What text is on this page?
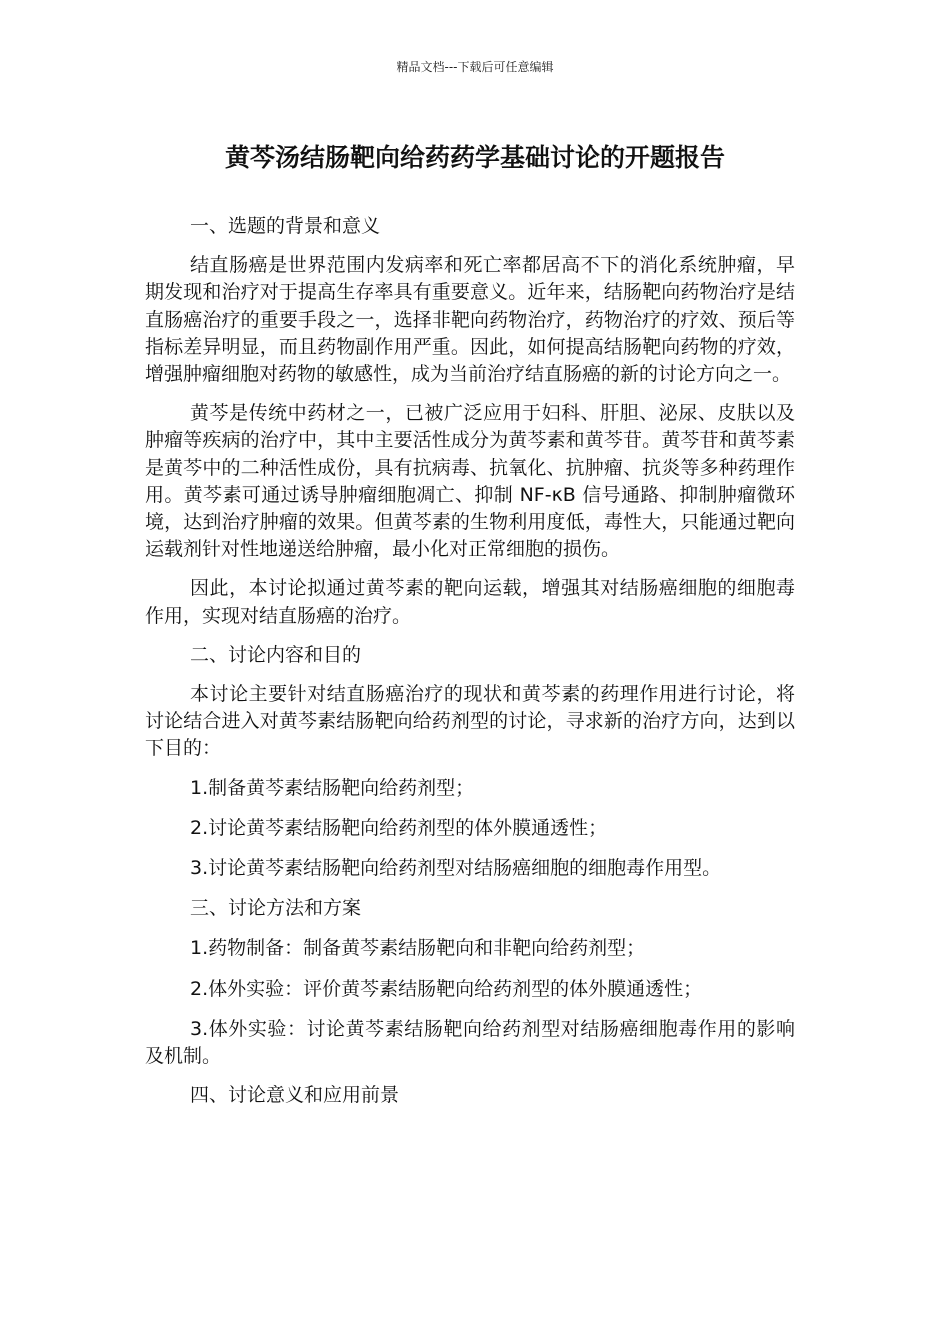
精品文档---下载后可任意编辑
黄芩汤结肠靶向给药药学基础讨论的开题报告

一、选题的背景和意义

结直肠癌是世界范围内发病率和死亡率都居高不下的消化系统肿瘤，早期发现和治疗对于提高生存率具有重要意义。近年来，结肠靶向药物治疗是结直肠癌治疗的重要手段之一，选择非靶向药物治疗，药物治疗的疗效、预后等指标差异明显，而且药物副作用严重。因此，如何提高结肠靶向药物的疗效，增强肿瘤细胞对药物的敏感性，成为当前治疗结直肠癌的新的讨论方向之一。

黄芩是传统中药材之一，已被广泛应用于妇科、肝胆、泌尿、皮肤以及肿瘤等疾病的治疗中，其中主要活性成分为黄芩素和黄芩苷。黄芩苷和黄芩素是黄芩中的二种活性成份，具有抗病毒、抗氧化、抗肿瘤、抗炎等多种药理作用。黄芩素可通过诱导肿瘤细胞凋亡、抑制 NF-κB 信号通路、抑制肿瘤微环境，达到治疗肿瘤的效果。但黄芩素的生物利用度低，毒性大，只能通过靶向运载剂针对性地递送给肿瘤，最小化对正常细胞的损伤。

因此，本讨论拟通过黄芩素的靶向运载，增强其对结肠癌细胞的细胞毒作用，实现对结直肠癌的治疗。

二、讨论内容和目的

本讨论主要针对结直肠癌治疗的现状和黄芩素的药理作用进行讨论，将讨论结合进入对黄芩素结肠靶向给药剂型的讨论，寻求新的治疗方向，达到以下目的：

1.制备黄芩素结肠靶向给药剂型；

2.讨论黄芩素结肠靶向给药剂型的体外膜通透性；

3.讨论黄芩素结肠靶向给药剂型对结肠癌细胞的细胞毒作用型。

三、讨论方法和方案

1.药物制备：制备黄芩素结肠靶向和非靶向给药剂型；

2.体外实验：评价黄芩素结肠靶向给药剂型的体外膜通透性；

3.体外实验：讨论黄芩素结肠靶向给药剂型对结肠癌细胞毒作用的影响及机制。

四、讨论意义和应用前景
